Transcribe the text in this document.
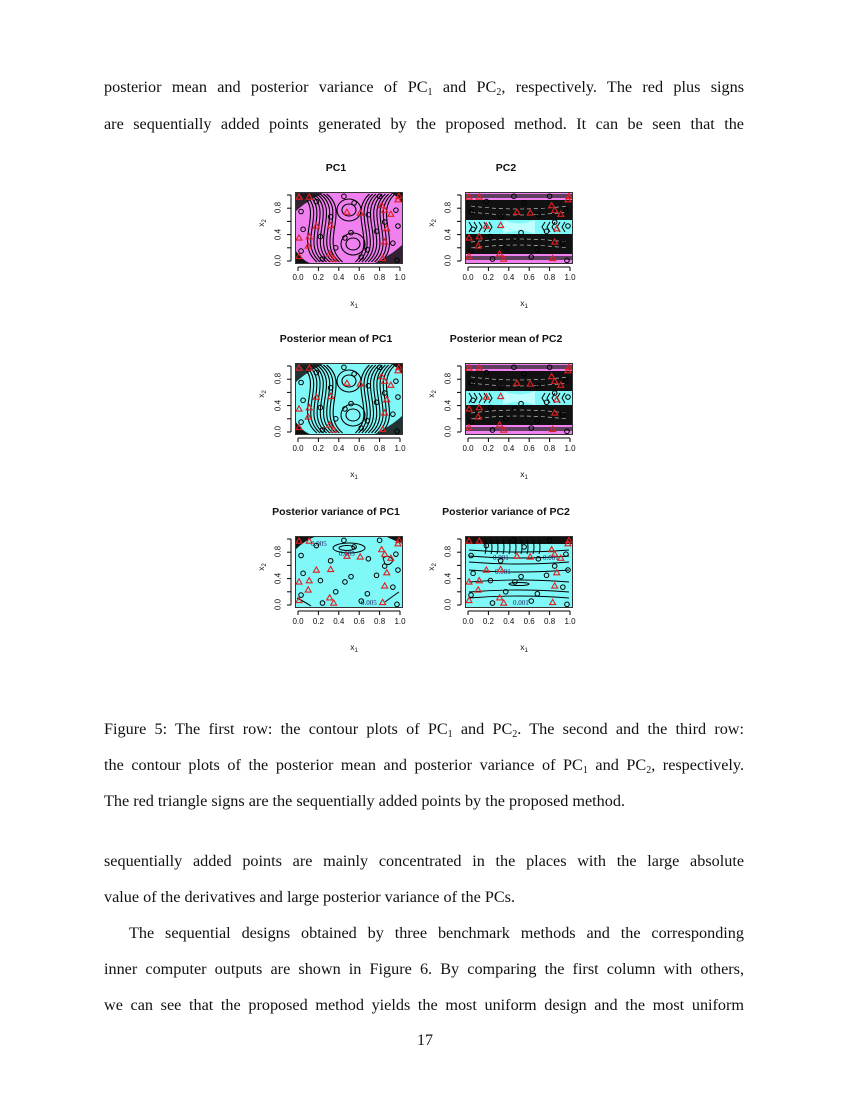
posterior mean and posterior variance of $PC_1$ and $PC_2$, respectively. The red plus signs
are sequentially added points generated by the proposed method. It can be seen that the
PC1
0.0	0.2	0.4	0.6	0.8	1.0
0.0
0.4
0.8
$x_1$
$x_2$
PC2
0.0	0.2	0.4	0.6	0.8	1.0
0.0
0.4
0.8
$x_1$
$x_2$
Posterior mean of PC1
0.0	0.2	0.4	0.6	0.8	1.0
0.0
0.4
0.8
$x_1$
$x_2$
Posterior mean of PC2
0.0	0.2	0.4	0.6	0.8	1.0
0.0
0.4
0.8
$x_1$
$x_2$
Posterior variance of PC1
0.005
0.005
0.005
0.0	0.2	0.4	0.6	0.8	1.0
0.0
0.4
0.8
$x_1$
$x_2$
Posterior variance of PC2
0.001	0.001
0.001
0.001
0.0	0.2	0.4	0.6	0.8	1.0
0.0
0.4
0.8
$x_1$
$x_2$
Figure 5: The first row: the contour plots of $PC_1$ and $PC_2$. The second and the third row:
the contour plots of the posterior mean and posterior variance of $PC_1$ and $PC_2$, respectively.
The red triangle signs are the sequentially added points by the proposed method.
sequentially added points are mainly concentrated in the places with the large absolute
value of the derivatives and large posterior variance of the PCs.
The sequential designs obtained by three benchmark methods and the corresponding
inner computer outputs are shown in Figure 6. By comparing the first column with others,
we can see that the proposed method yields the most uniform design and the most uniform
17
